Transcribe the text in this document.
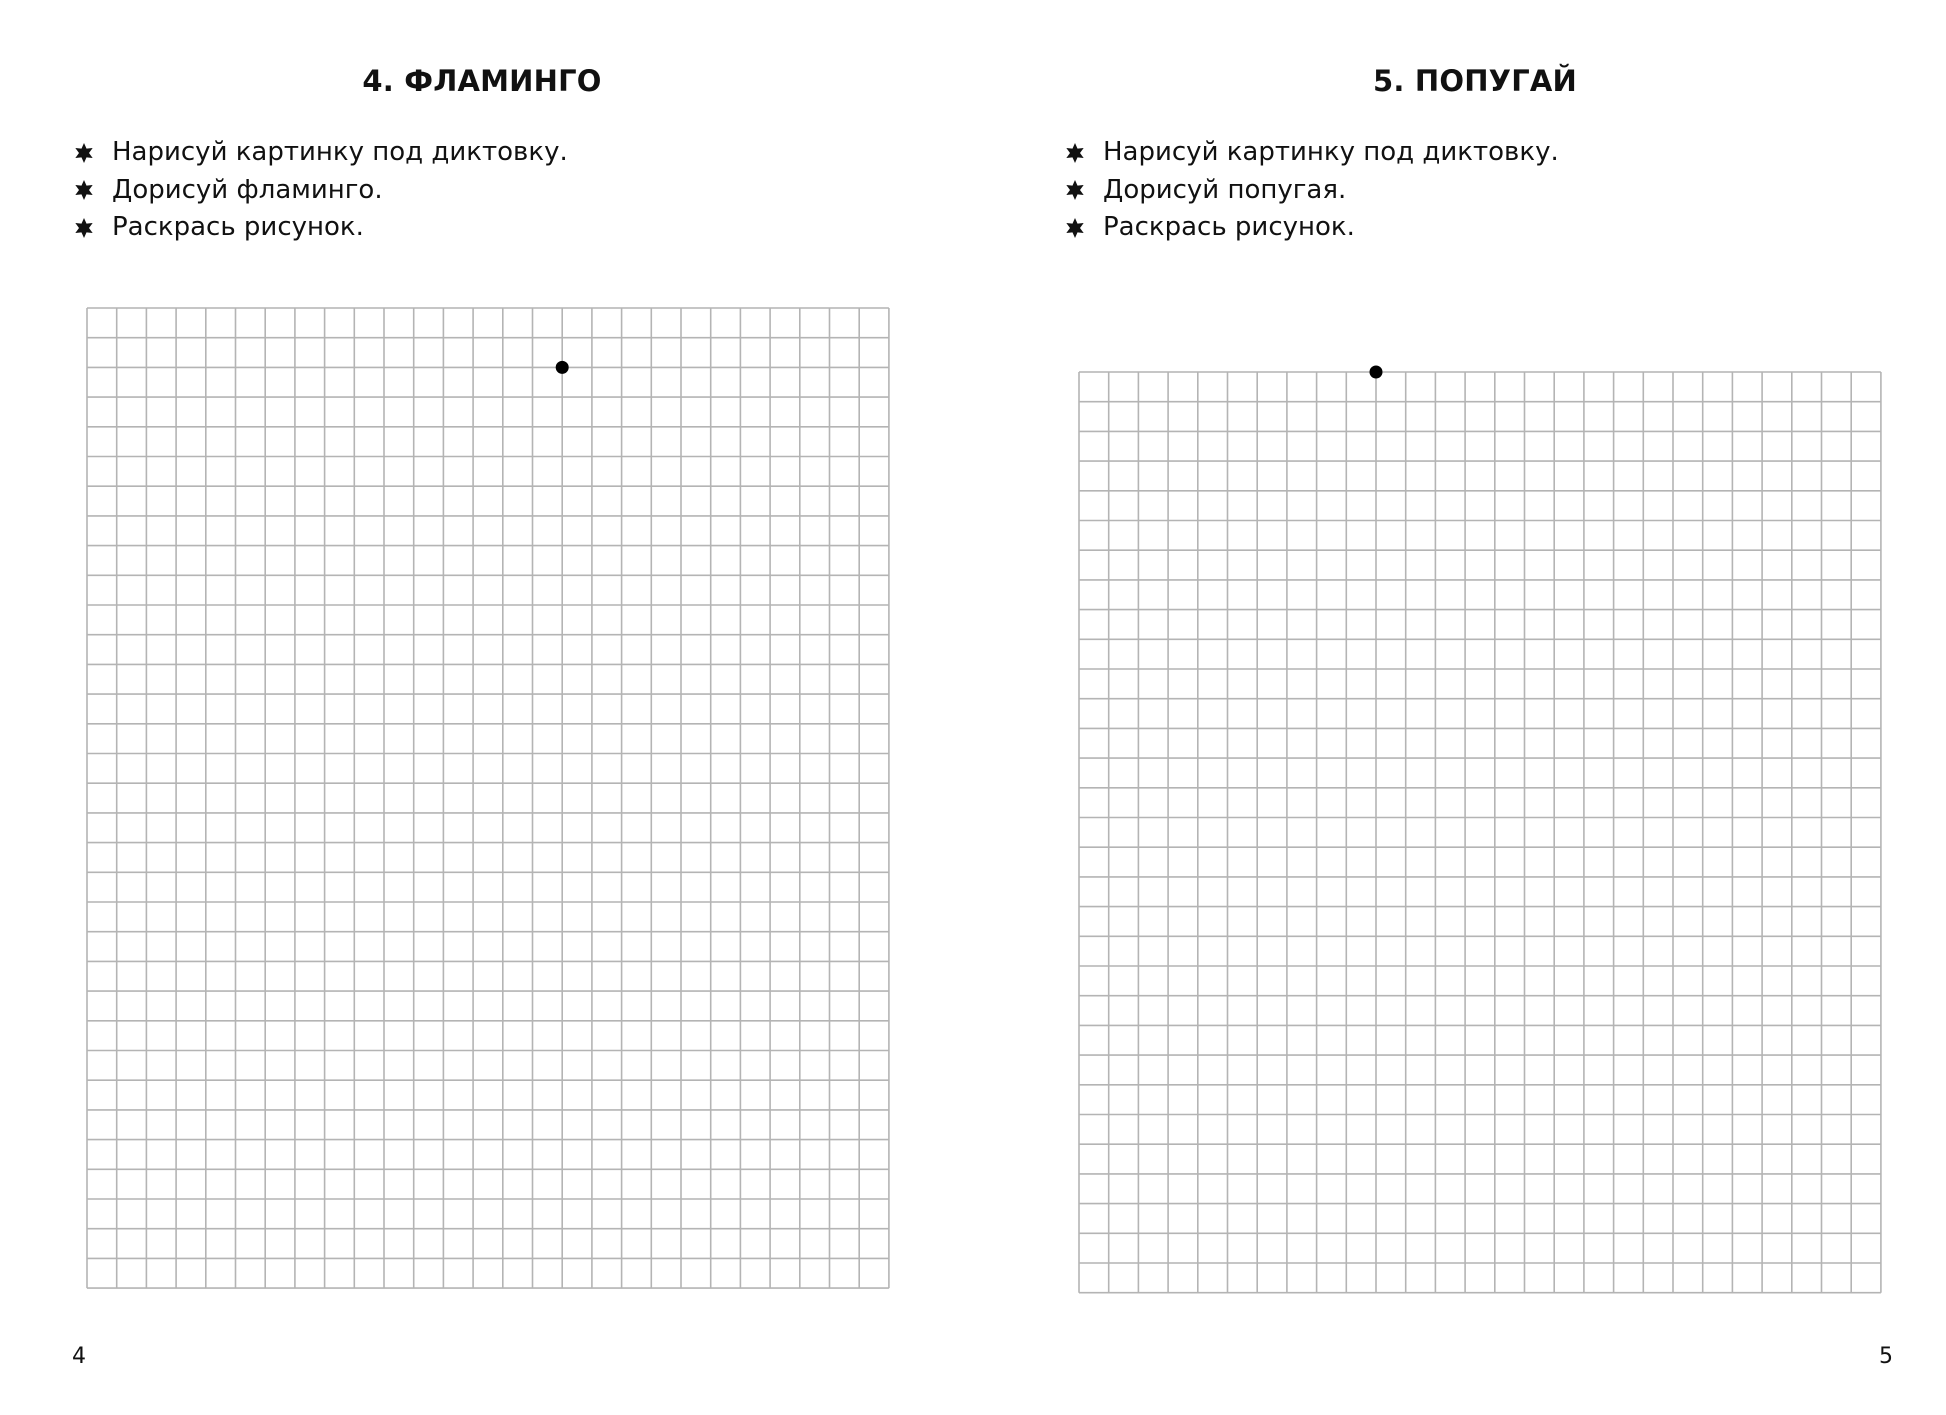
4. ФЛАМИНГО
Нарисуй картинку под диктовку.
Дорисуй фламинго.
Раскрась рисунок.
4
5. ПОПУГАЙ
Нарисуй картинку под диктовку.
Дорисуй попугая.
Раскрась рисунок.
5
